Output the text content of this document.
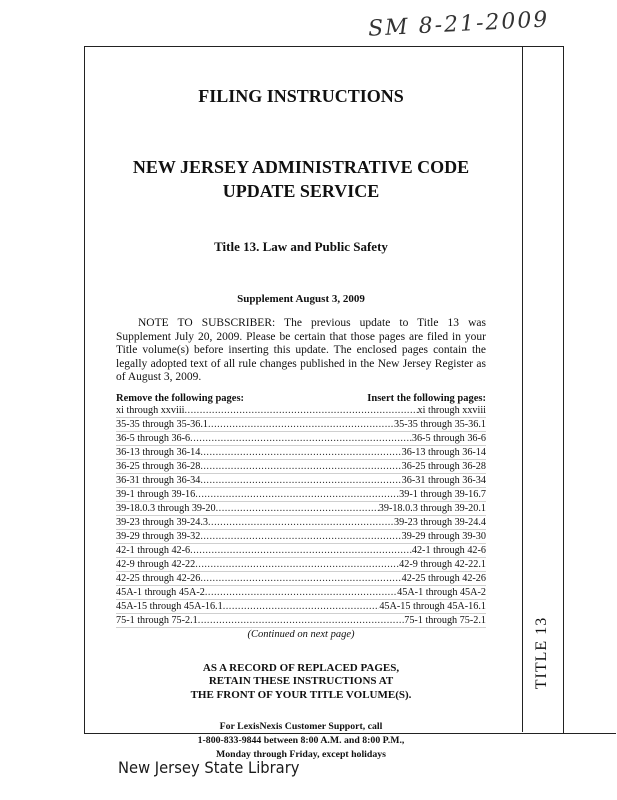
SM 8-21-2009
TITLE 13

FILING INSTRUCTIONS

NEW JERSEY ADMINISTRATIVE CODE
UPDATE SERVICE

Title 13. Law and Public Safety

Supplement August 3, 2009

NOTE TO SUBSCRIBER: The previous update to Title 13 was Supplement July 20, 2009. Please be certain that those pages are filed in your Title volume(s) before inserting this update. The enclosed pages contain the legally adopted text of all rule changes published in the New Jersey Register as of August 3, 2009.

Remove the following pages:	Insert the following pages:
xi through xxviii .....	xi through xxviii
35-35 through 35-36.1 .....	35-35 through 35-36.1
36-5 through 36-6 .....	36-5 through 36-6
36-13 through 36-14 .....	36-13 through 36-14
36-25 through 36-28 .....	36-25 through 36-28
36-31 through 36-34 .....	36-31 through 36-34
39-1 through 39-16 .....	39-1 through 39-16.7
39-18.0.3 through 39-20 .....	39-18.0.3 through 39-20.1
39-23 through 39-24.3 .....	39-23 through 39-24.4
39-29 through 39-32 .....	39-29 through 39-30
42-1 through 42-6 .....	42-1 through 42-6
42-9 through 42-22 .....	42-9 through 42-22.1
42-25 through 42-26 .....	42-25 through 42-26
45A-1 through 45A-2 .....	45A-1 through 45A-2
45A-15 through 45A-16.1 .....	45A-15 through 45A-16.1
75-1 through 75-2.1 .....	75-1 through 75-2.1
(Continued on next page)
AS A RECORD OF REPLACED PAGES,
RETAIN THESE INSTRUCTIONS AT
THE FRONT OF YOUR TITLE VOLUME(S).
For LexisNexis Customer Support, call
1-800-833-9844 between 8:00 A.M. and 8:00 P.M.,
Monday through Friday, except holidays
New Jersey State Library
